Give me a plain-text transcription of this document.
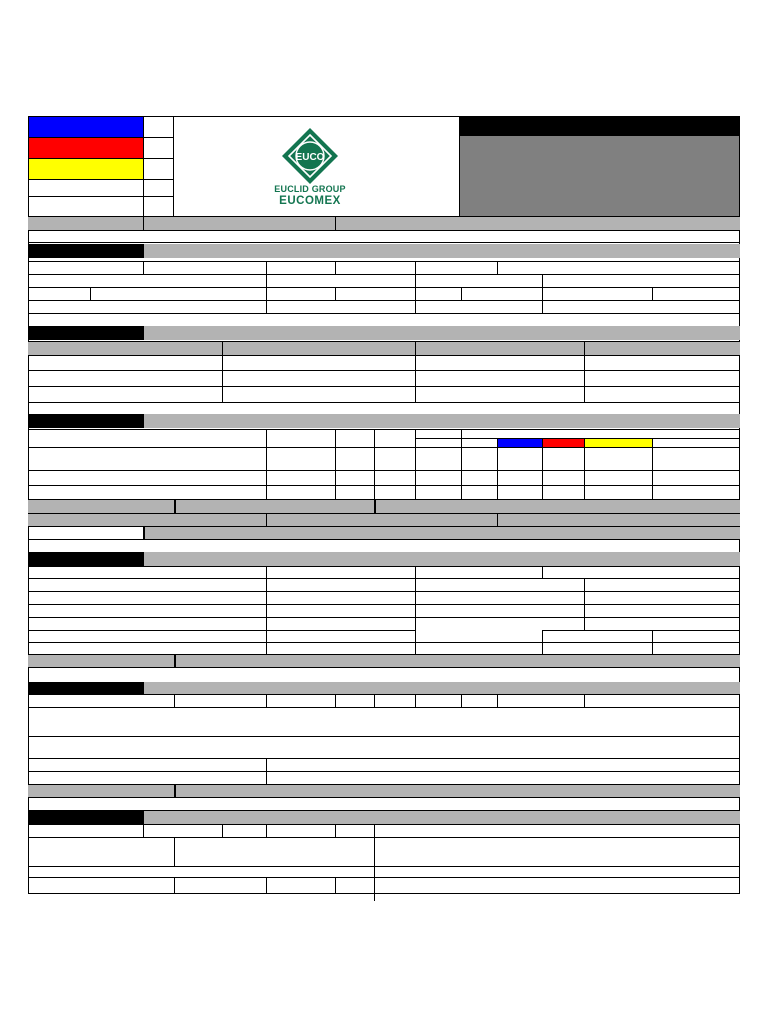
EUCO
EUCLID GROUP
EUCOMEX
